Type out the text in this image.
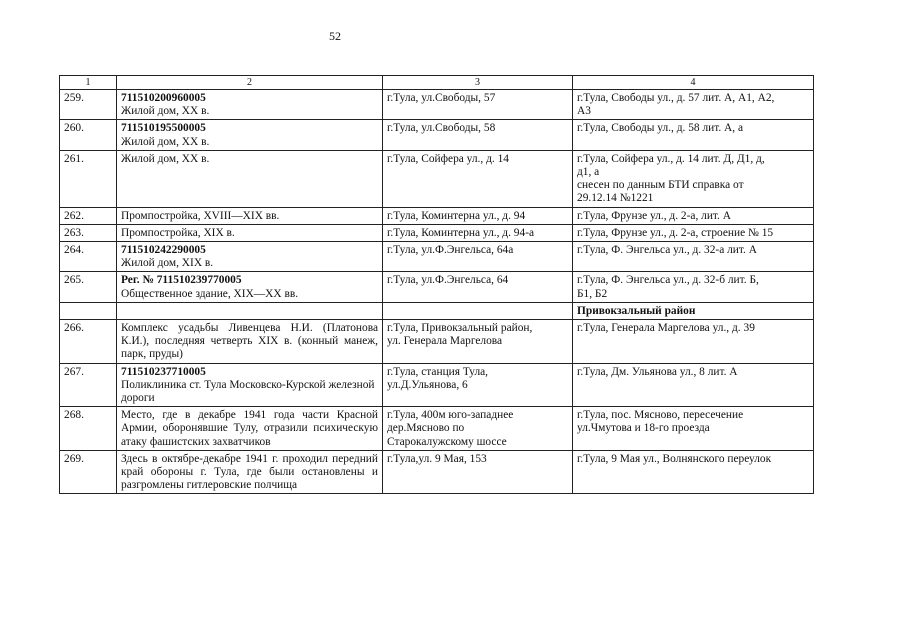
52
1	2	3	4
259.	711510200960005
Жилой дом, XX в.	г.Тула, ул.Свободы, 57	г.Тула, Свободы ул., д. 57 лит. А, А1, А2,
А3

260.	711510195500005
Жилой дом, XX в.	г.Тула, ул.Свободы, 58	г.Тула, Свободы ул., д. 58 лит. А, а

261.	Жилой дом, XX в.	г.Тула, Сойфера ул., д. 14	г.Тула, Сойфера ул., д. 14 лит. Д, Д1, д,
д1, а
снесен по данным БТИ справка от
29.12.14 №1221

262.	Промпостройка, XVIII—XIX вв.	г.Тула, Коминтерна ул., д. 94	г.Тула, Фрунзе ул., д. 2-а, лит. А

263.	Промпостройка, XIX в.	г.Тула, Коминтерна ул., д. 94-а	г.Тула, Фрунзе ул., д. 2-а, строение № 15

264.	711510242290005
Жилой дом, XIX в.	г.Тула, ул.Ф.Энгельса, 64а	г.Тула, Ф. Энгельса ул., д. 32-а лит. А

265.	Рег. № 711510239770005
Общественное здание, XIX—XX вв.	г.Тула, ул.Ф.Энгельса, 64	г.Тула, Ф. Энгельса ул., д. 32-б лит. Б,
Б1, Б2

			Привокзальный район

266.	Комплекс усадьбы Ливенцева Н.И. (Платонова К.И.), последняя четверть XIX в. (конный манеж, парк, пруды)	г.Тула, Привокзальный район,
ул. Генерала Маргелова	г.Тула, Генерала Маргелова ул., д. 39

267.	711510237710005
Поликлиника ст. Тула Московско-Курской железной дороги	г.Тула, станция Тула,
ул.Д.Ульянова, 6	г.Тула, Дм. Ульянова ул., 8 лит. А

268.	Место, где в декабре 1941 года части Красной Армии, оборонявшие Тулу, отразили психическую атаку фашистских захватчиков	г.Тула, 400м юго-западнее
дер.Мясново по
Старокалужскому шоссе	г.Тула, пос. Мясново, пересечение
ул.Чмутова и 18-го проезда

269.	Здесь в октябре-декабре 1941 г. проходил передний край обороны г. Тула, где были остановлены и разгромлены гитлеровские полчища	г.Тула,ул. 9 Мая, 153	г.Тула, 9 Мая ул., Волнянского переулок
